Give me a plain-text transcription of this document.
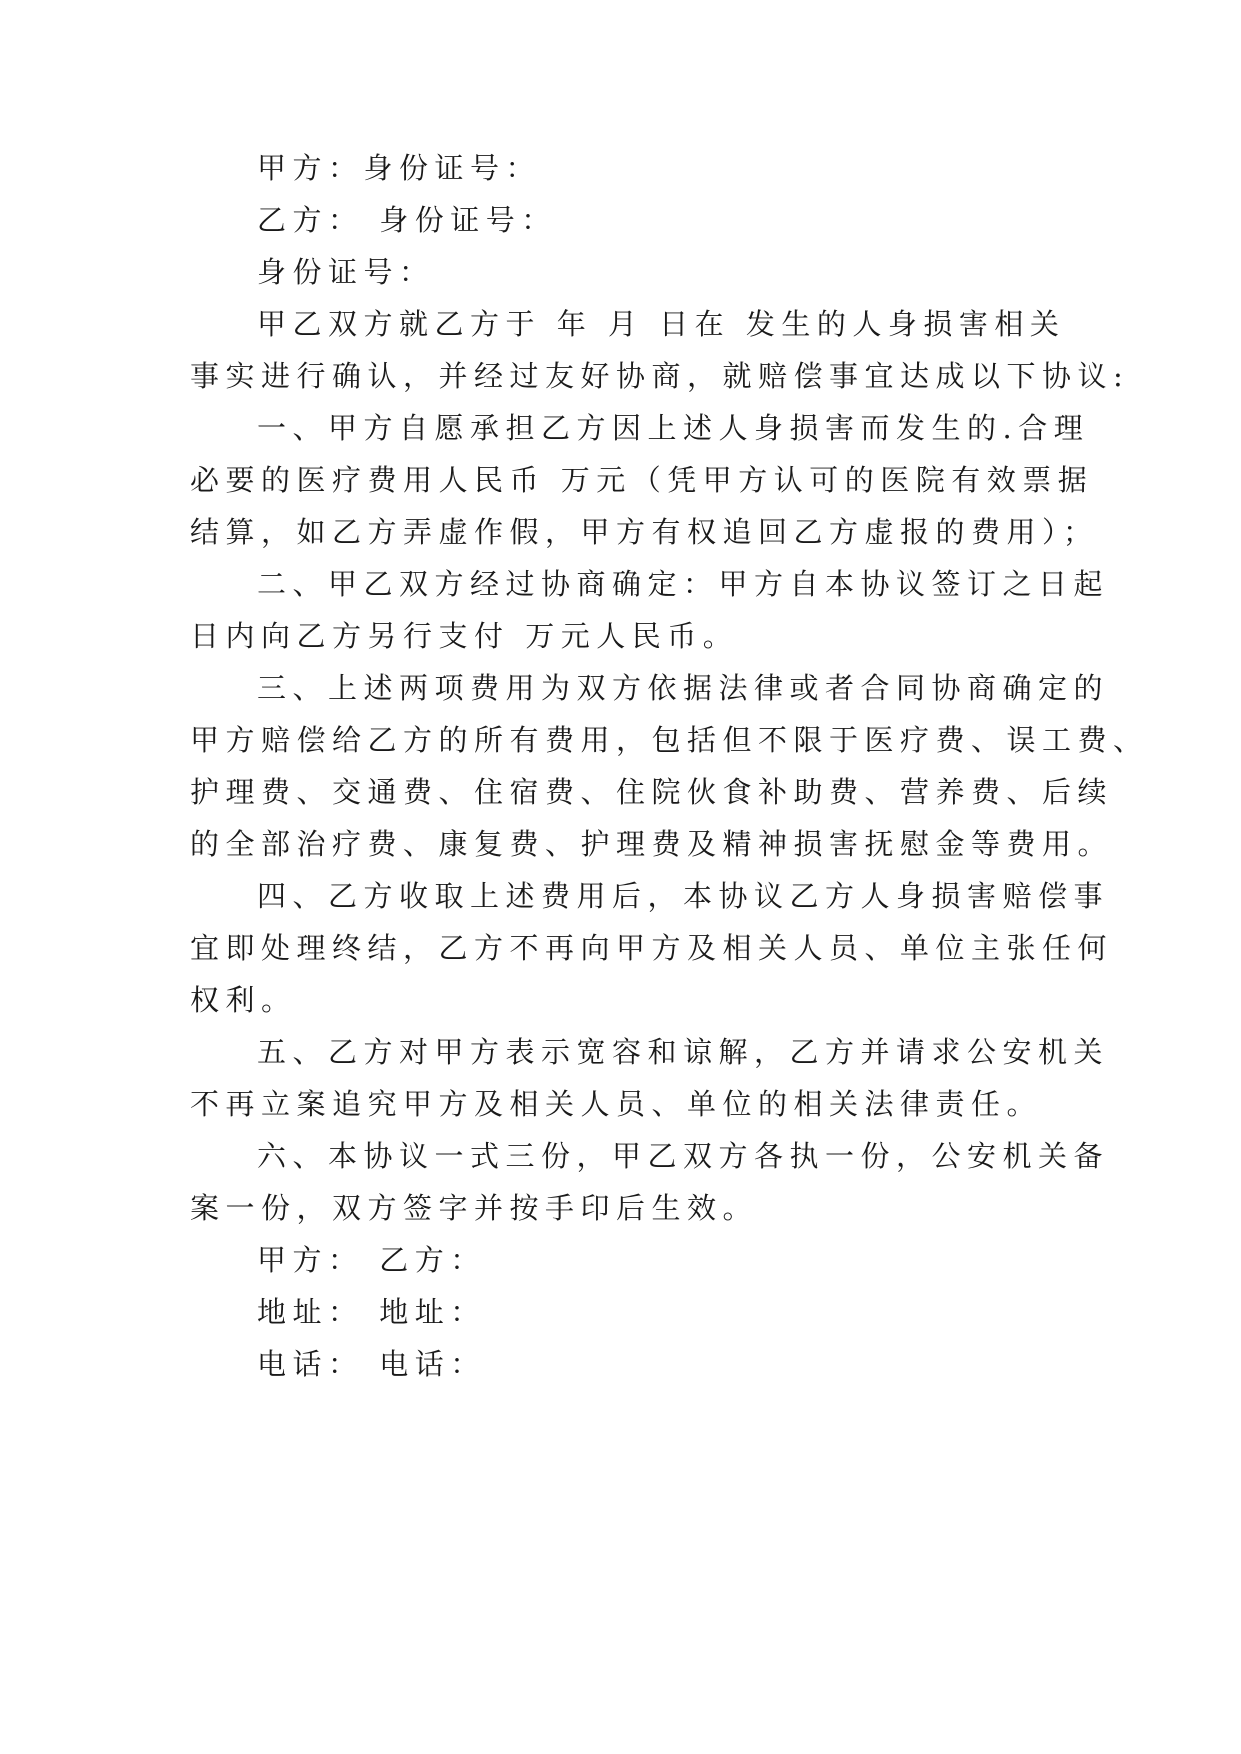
甲方：身份证号：
乙方： 身份证号：
身份证号：
甲乙双方就乙方于 年 月 日在 发生的人身损害相关
事实进行确认，并经过友好协商，就赔偿事宜达成以下协议:
一、甲方自愿承担乙方因上述人身损害而发生的.合理
必要的医疗费用人民币 万元（凭甲方认可的医院有效票据
结算，如乙方弄虚作假，甲方有权追回乙方虚报的费用）；
二、甲乙双方经过协商确定：甲方自本协议签订之日起
日内向乙方另行支付 万元人民币。
三、上述两项费用为双方依据法律或者合同协商确定的
甲方赔偿给乙方的所有费用，包括但不限于医疗费、误工费、
护理费、交通费、住宿费、住院伙食补助费、营养费、后续
的全部治疗费、康复费、护理费及精神损害抚慰金等费用。
四、乙方收取上述费用后，本协议乙方人身损害赔偿事
宜即处理终结，乙方不再向甲方及相关人员、单位主张任何
权利。
五、乙方对甲方表示宽容和谅解，乙方并请求公安机关
不再立案追究甲方及相关人员、单位的相关法律责任。
六、本协议一式三份，甲乙双方各执一份，公安机关备
案一份，双方签字并按手印后生效。
甲方： 乙方：
地址： 地址：
电话： 电话：
